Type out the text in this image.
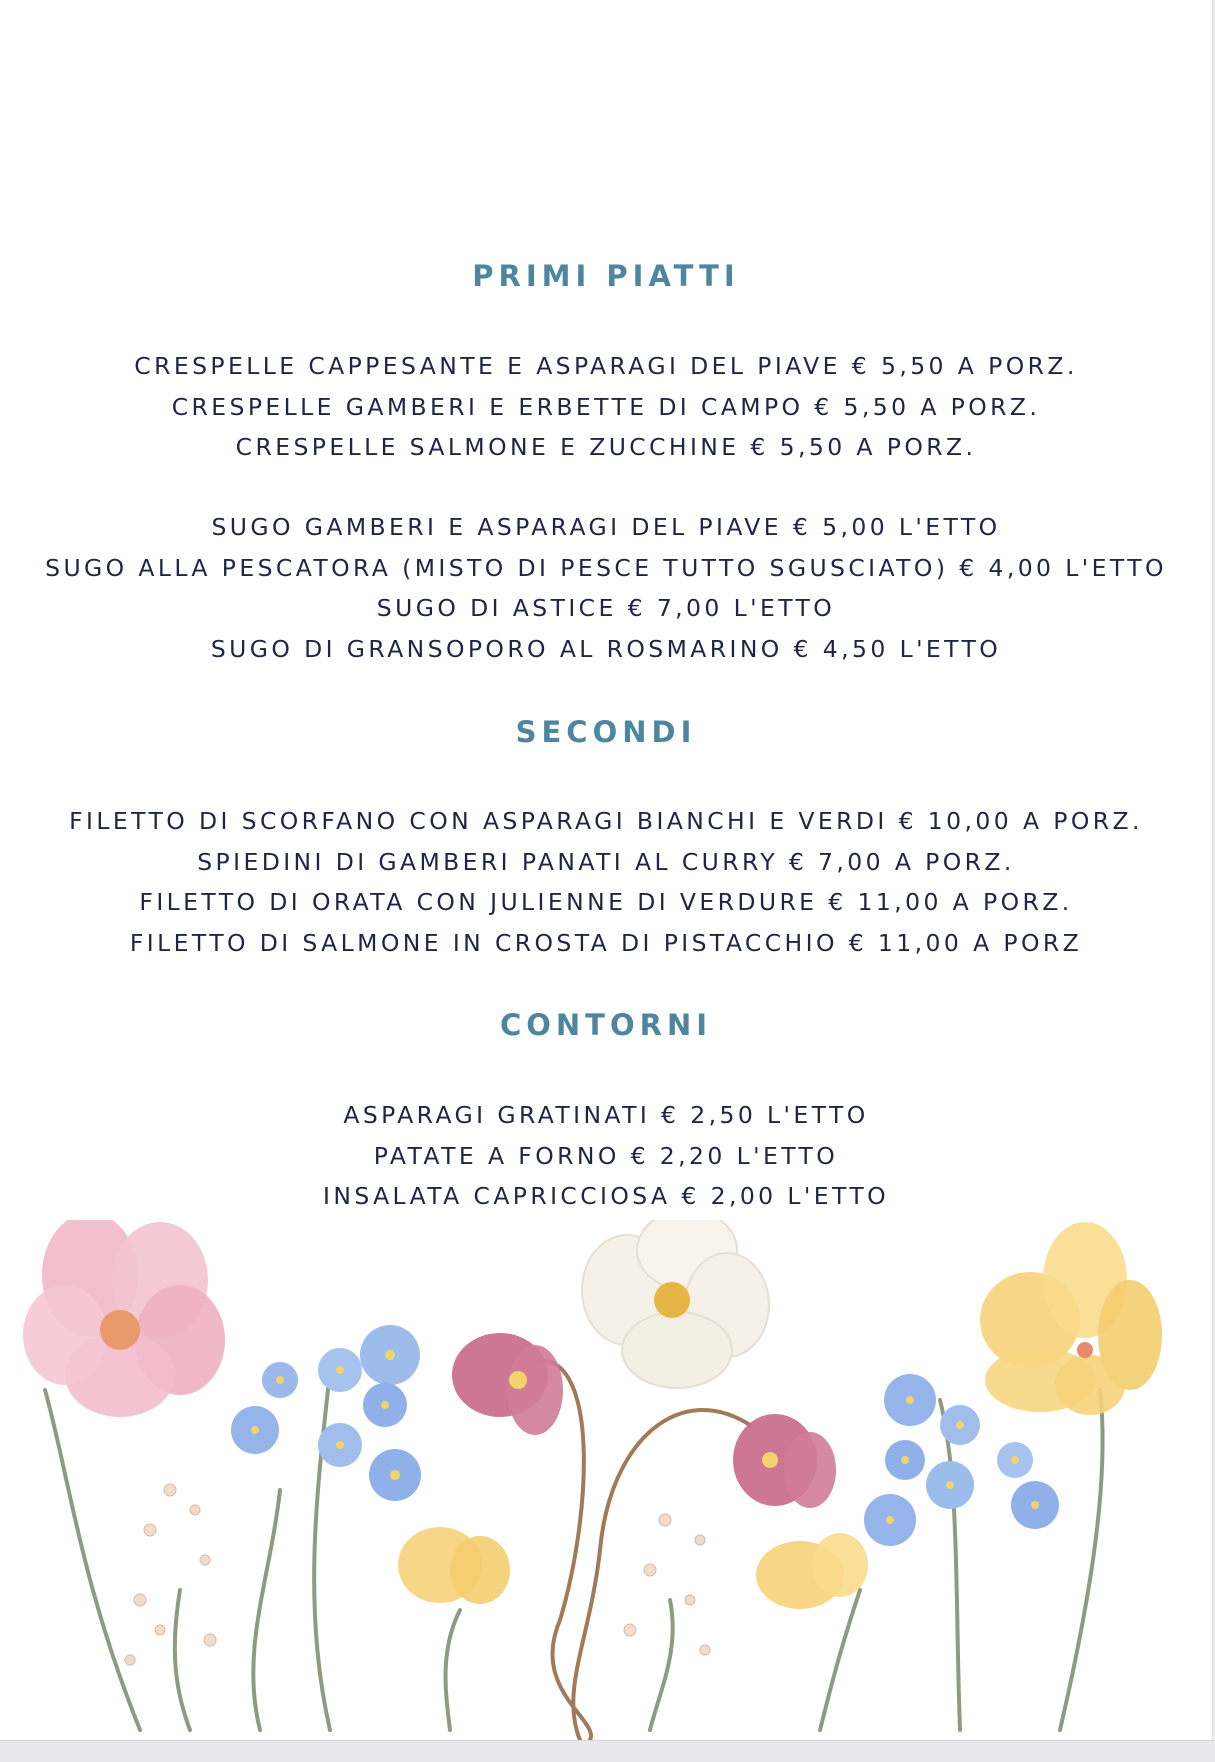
PRIMI PIATTI
CRESPELLE CAPPESANTE E ASPARAGI DEL PIAVE € 5,50 A PORZ.
CRESPELLE GAMBERI E ERBETTE DI CAMPO € 5,50 A PORZ.
CRESPELLE SALMONE E ZUCCHINE € 5,50 A PORZ.
SUGO GAMBERI E ASPARAGI DEL PIAVE € 5,00 L'ETTO
SUGO ALLA PESCATORA (MISTO DI PESCE TUTTO SGUSCIATO) € 4,00 L'ETTO
SUGO DI ASTICE € 7,00 L'ETTO
SUGO DI GRANSOPORO AL ROSMARINO € 4,50 L'ETTO
SECONDI
FILETTO DI SCORFANO CON ASPARAGI BIANCHI E VERDI € 10,00 A PORZ.
SPIEDINI DI GAMBERI PANATI AL CURRY € 7,00 A PORZ.
FILETTO DI ORATA CON JULIENNE DI VERDURE € 11,00 A PORZ.
FILETTO DI SALMONE IN CROSTA DI PISTACCHIO € 11,00 A PORZ
CONTORNI
ASPARAGI GRATINATI € 2,50 L'ETTO
PATATE A FORNO € 2,20 L'ETTO
INSALATA CAPRICCIOSA € 2,00 L'ETTO
